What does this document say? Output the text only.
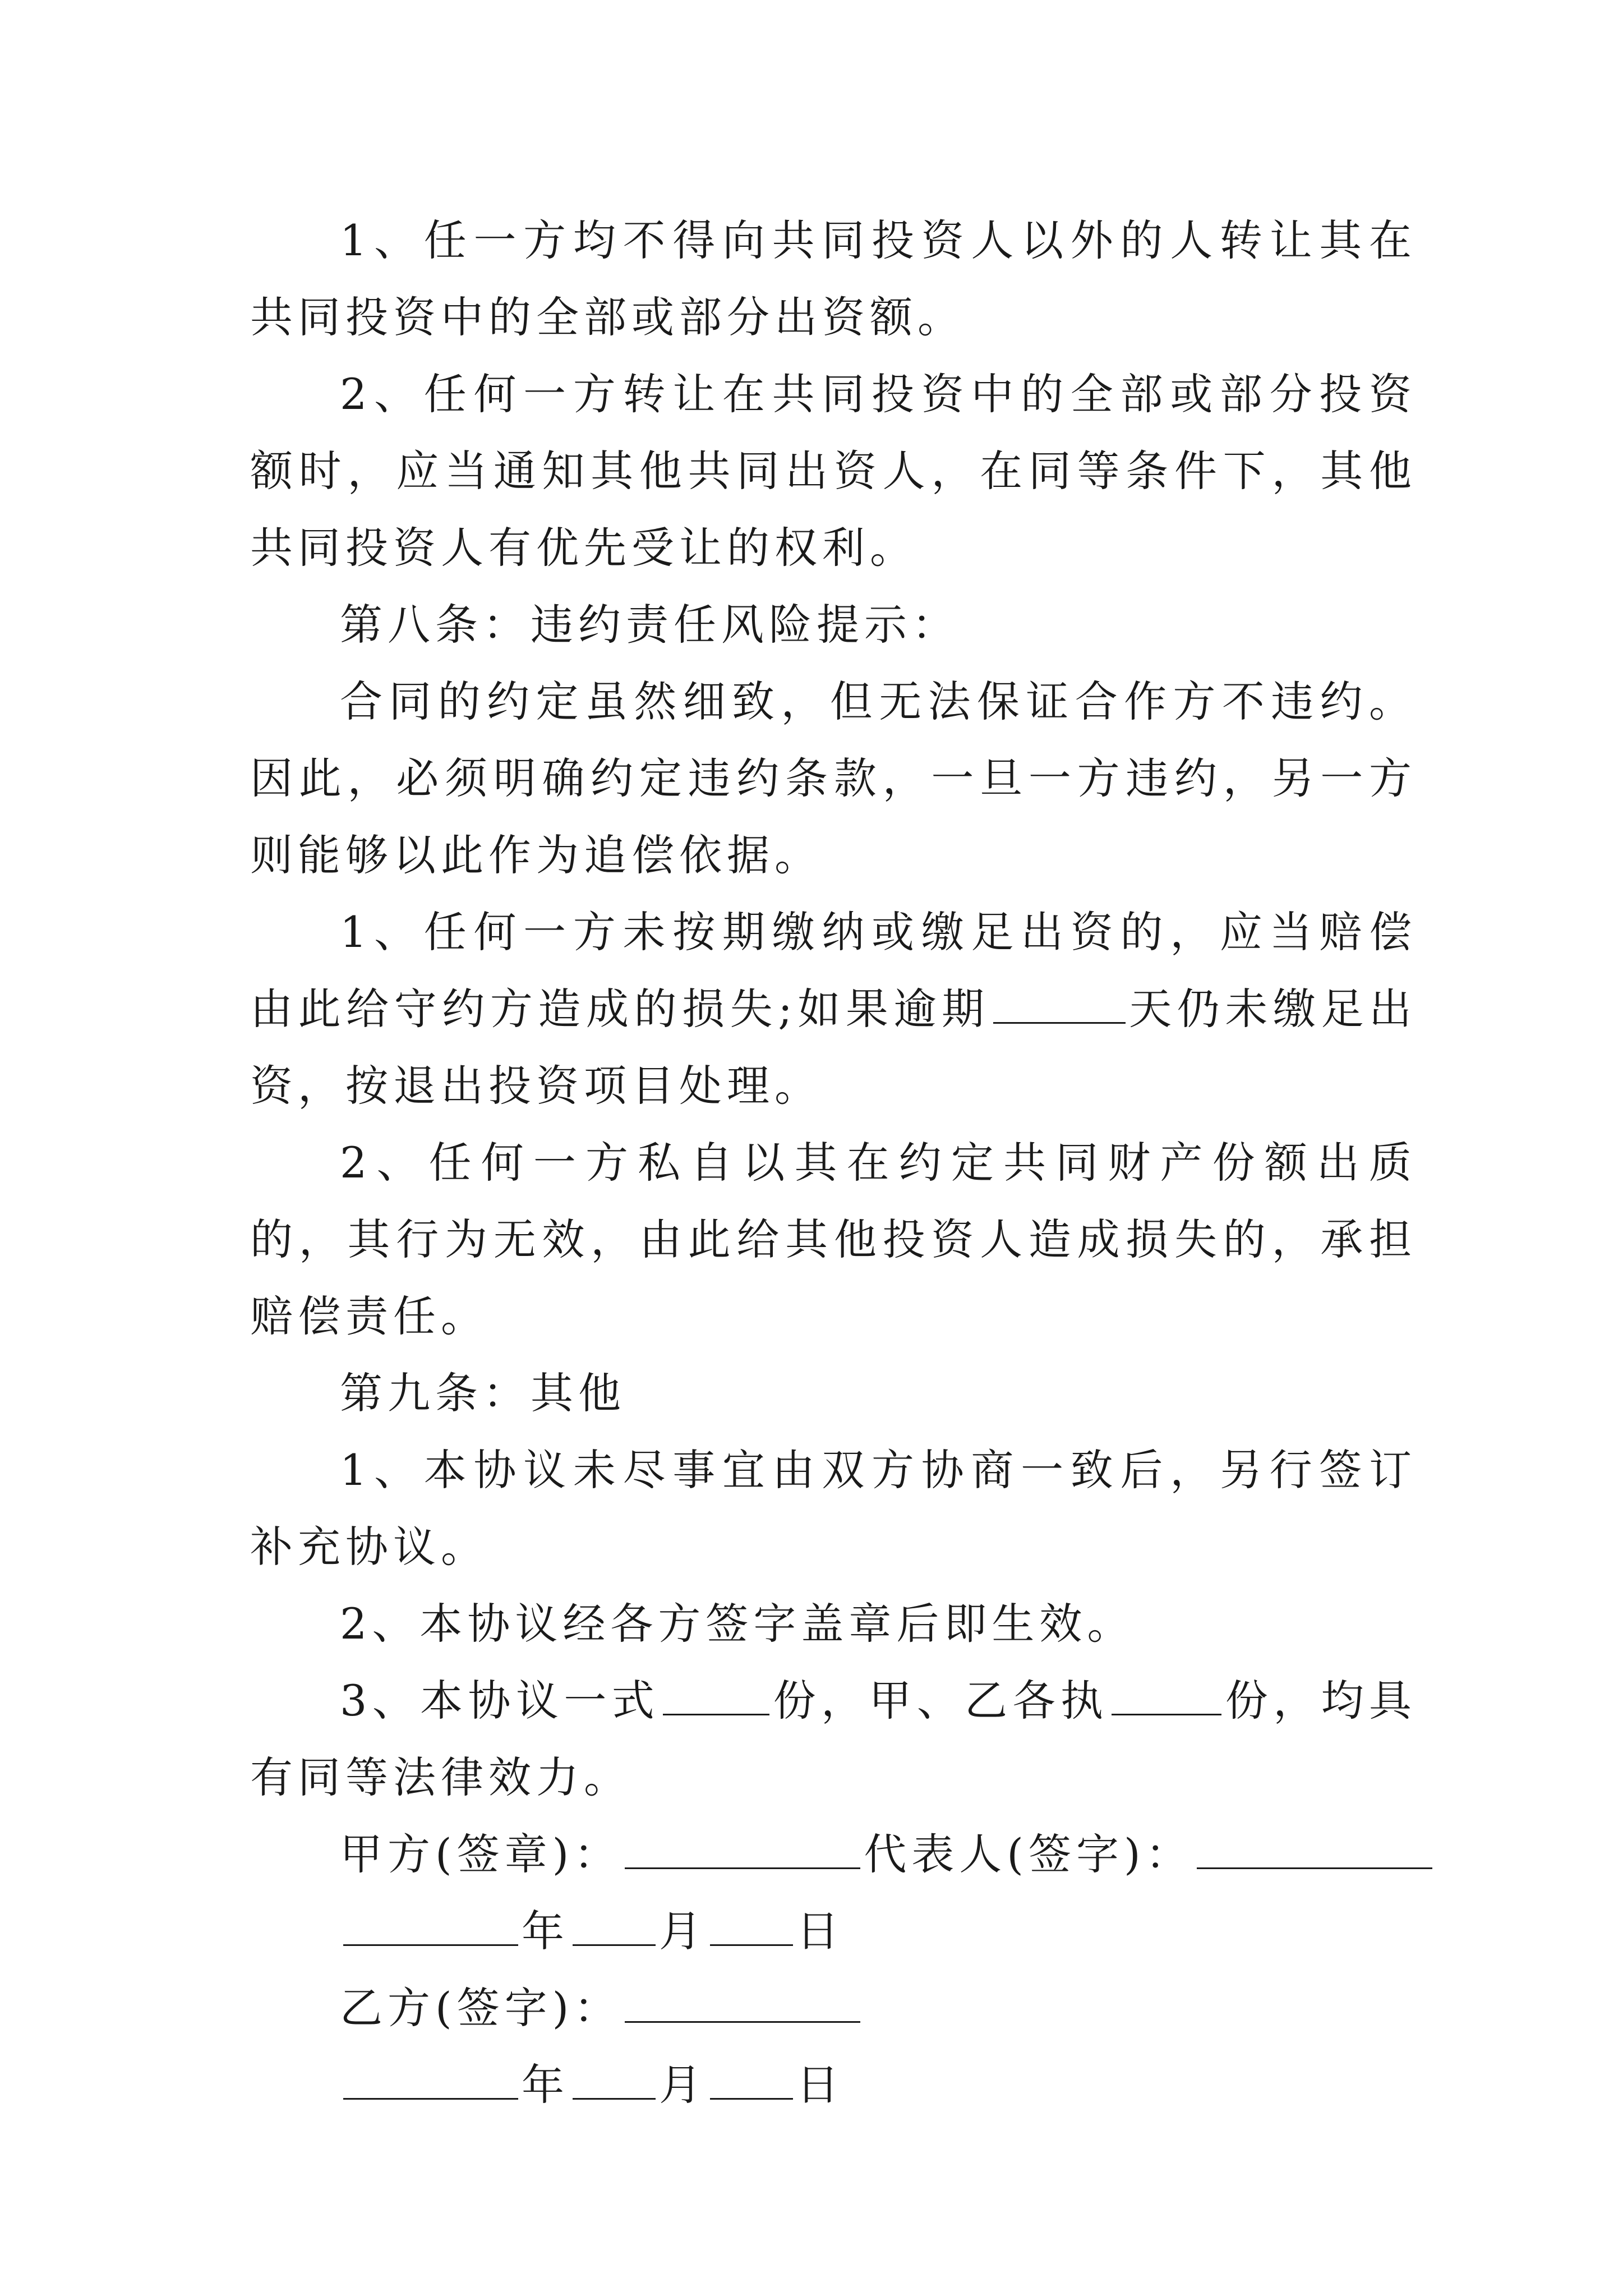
1、任一方均不得向共同投资人以外的人转让其在共同投资中的全部或部分出资额。

2、任何一方转让在共同投资中的全部或部分投资额时，应当通知其他共同出资人，在同等条件下，其他共同投资人有优先受让的权利。

第八条：违约责任风险提示：

合同的约定虽然细致，但无法保证合作方不违约。因此，必须明确约定违约条款，一旦一方违约，另一方则能够以此作为追偿依据。

1、任何一方未按期缴纳或缴足出资的，应当赔偿由此给守约方造成的损失;如果逾期	天仍未缴足出资，按退出投资项目处理。

2、任何一方私自以其在约定共同财产份额出质的，其行为无效，由此给其他投资人造成损失的，承担赔偿责任。

第九条：其他

1、本协议未尽事宜由双方协商一致后，另行签订补充协议。

2、本协议经各方签字盖章后即生效。

3、本协议一式	份，甲、乙各执	份，均具有同等法律效力。

甲方(签章)：	代表人(签字)：

年 月 日

乙方(签字)：

年 月 日
